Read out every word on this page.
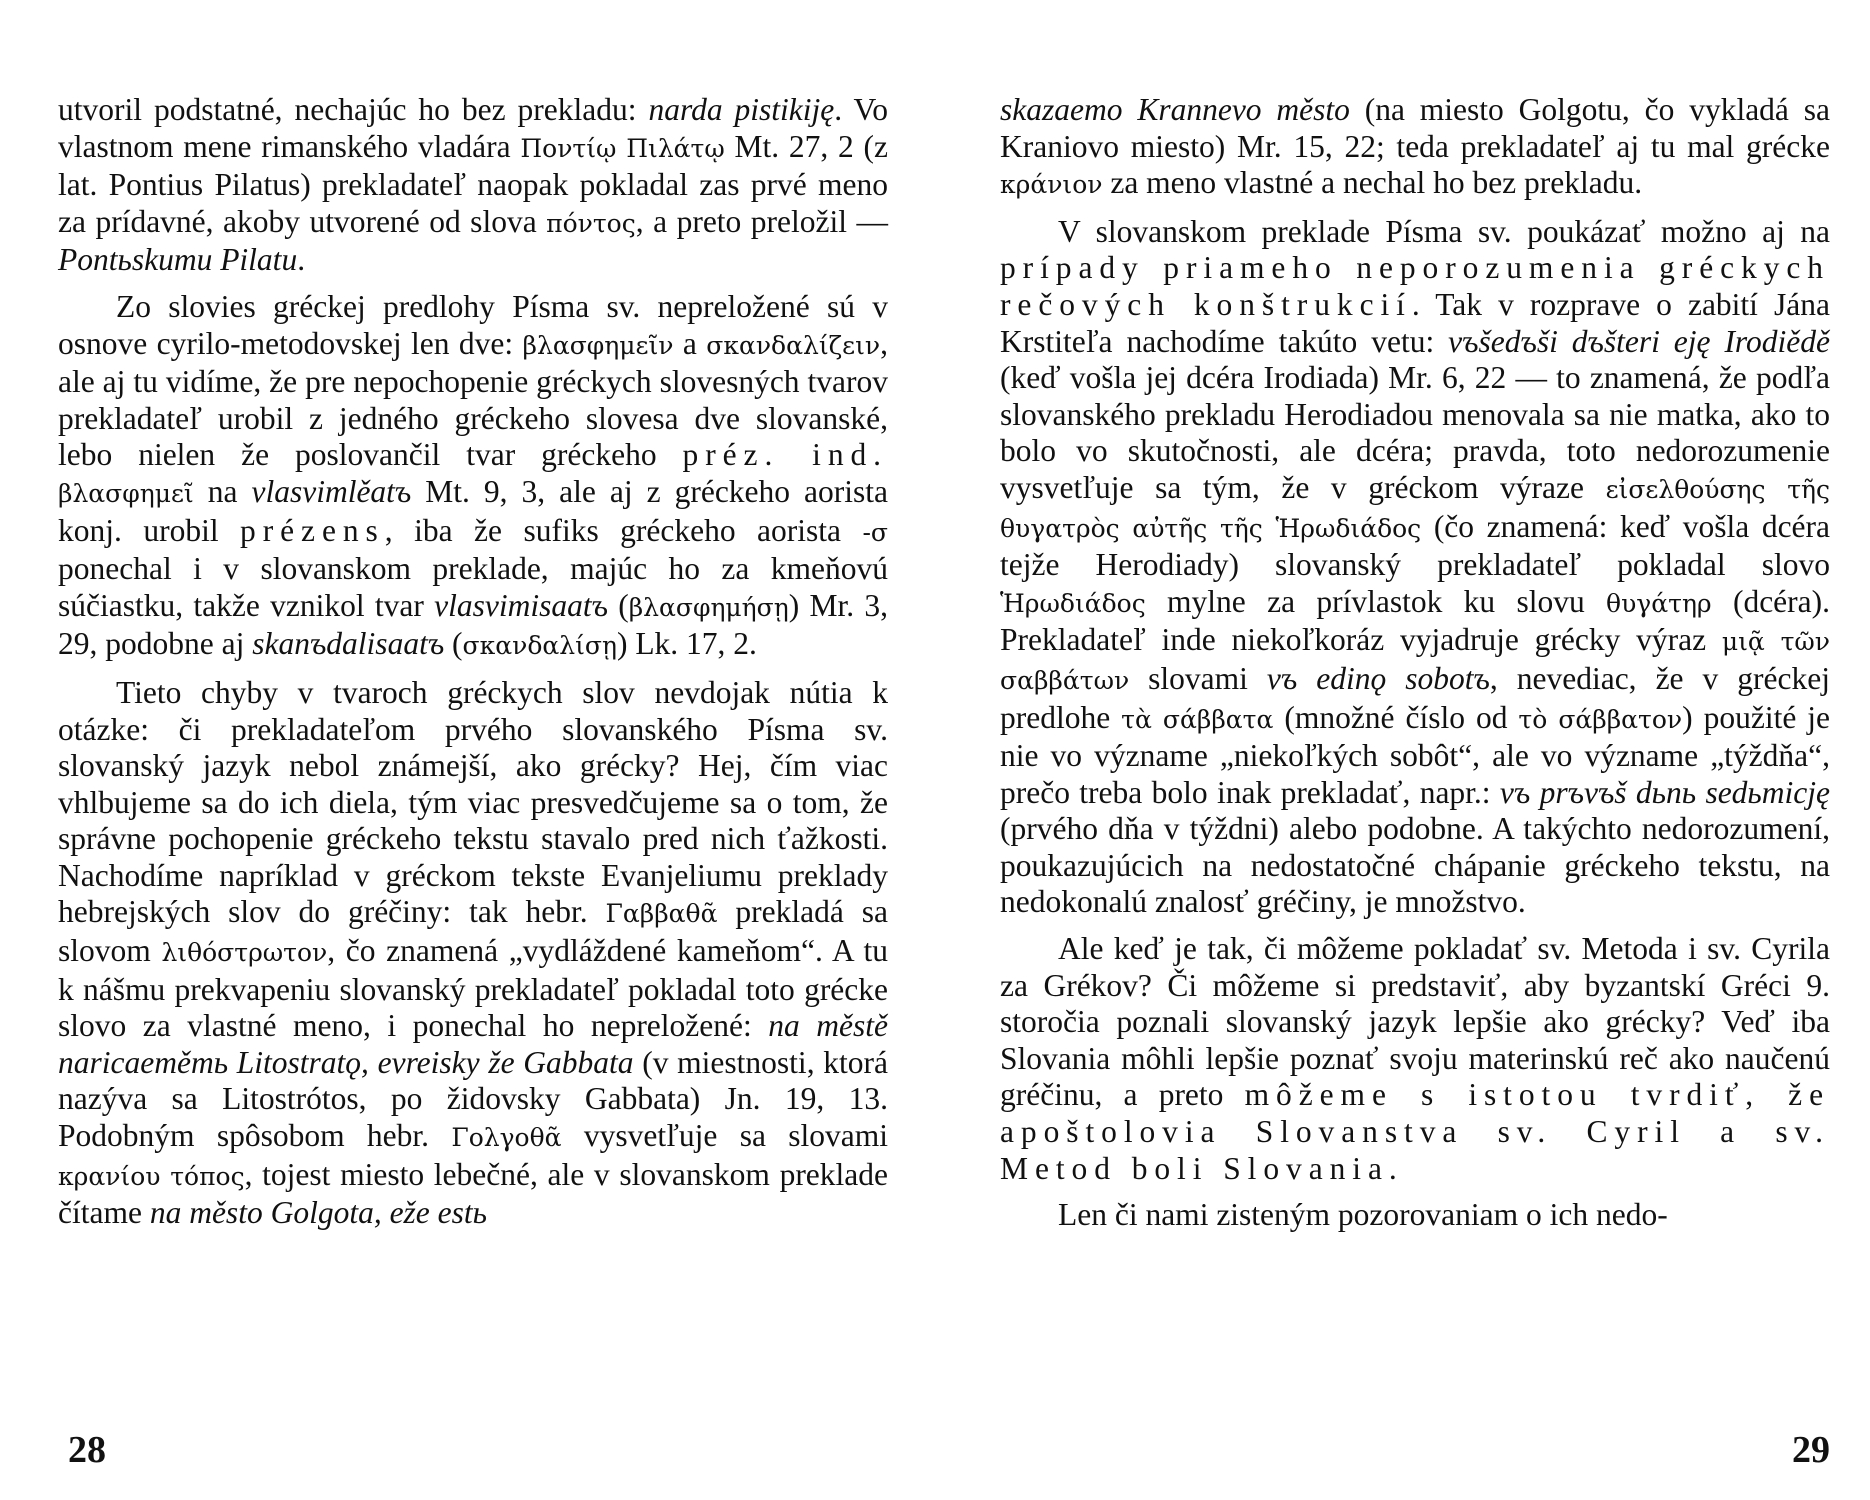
utvoril podstatné, nechajúc ho bez prekladu: narda pistikiję. Vo vlastnom mene rimanského vladára Ποντίῳ Πιλάτῳ Mt. 27, 2 (z lat. Pontius Pilatus) prekladateľ naopak pokladal zas prvé meno za prídavné, akoby utvorené od slova πόντος, a preto preložil — Pontьskumu Pilatu.

Zo slovies gréckej predlohy Písma sv. nepreložené sú v osnove cyrilo-metodovskej len dve: βλασφημεῖν a σκανδαλίζειν, ale aj tu vidíme, že pre nepochopenie gréckych slovesných tvarov prekladateľ urobil z jedného gréckeho slovesa dve slovanské, lebo nielen že poslovančil tvar gréckeho préz. ind. βλασφημεῖ na vlasvimlěatъ Mt. 9, 3, ale aj z gréckeho aorista konj. urobil prézens, iba že sufiks gréckeho aorista -σ ponechal i v slovanskom preklade, majúc ho za kmeňovú súčiastku, takže vznikol tvar vlasvimisaatъ (βλασφημήσῃ) Mr. 3, 29, podobne aj skanъdalisaatъ (σκανδαλίσῃ) Lk. 17, 2.

Tieto chyby v tvaroch gréckych slov nevdojak nútia k otázke: či prekladateľom prvého slovanského Písma sv. slovanský jazyk nebol známejší, ako grécky? Hej, čím viac vhlbujeme sa do ich diela, tým viac presvedčujeme sa o tom, že správne pochopenie gréckeho tekstu stavalo pred nich ťažkosti. Nachodíme napríklad v gréckom tekste Evanjeliumu preklady hebrejských slov do gréčiny: tak hebr. Γαββαθᾶ prekladá sa slovom λιθόστρωτον, čo znamená „vydláždené kameňom“. A tu k nášmu prekvapeniu slovanský prekladateľ pokladal toto grécke slovo za vlastné meno, i ponechal ho nepreložené: na městě naricaeměmь Litostratǫ, evreisky že Gabbata (v miestnosti, ktorá nazýva sa Litostrótos, po židovsky Gabbata) Jn. 19, 13. Podobným spôsobom hebr. Γολγοθᾶ vysvetľuje sa slovami κρανίου τόπος, tojest miesto lebečné, ale v slovanskom preklade čítame na město Golgota, eže estь

28

skazaemo Krannevo město (na miesto Golgotu, čo vykladá sa Kraniovo miesto) Mr. 15, 22; teda prekladateľ aj tu mal grécke κράνιον za meno vlastné a nechal ho bez prekladu.

V slovanskom preklade Písma sv. poukázať možno aj na prípady priameho neporozumenia gréckych rečových konštrukcií. Tak v rozprave o zabití Jána Krstiteľa nachodíme takúto vetu: vъšedъši dъšteri eję Irodiědě (keď vošla jej dcéra Irodiada) Mr. 6, 22 — to znamená, že podľa slovanského prekladu Herodiadou menovala sa nie matka, ako to bolo vo skutočnosti, ale dcéra; pravda, toto nedorozumenie vysvetľuje sa tým, že v gréckom výraze εἰσελθούσης τῆς θυγατρὸς αὐτῆς τῆς Ἡρωδιάδος (čo znamená: keď vošla dcéra tejže Herodiady) slovanský prekladateľ pokladal slovo Ἡρωδιάδος mylne za prívlastok ku slovu θυγάτηρ (dcéra). Prekladateľ inde niekoľkoráz vyjadruje grécky výraz μιᾷ τῶν σαββάτων slovami vъ edinǫ sobotъ, nevediac, že v gréckej predlohe τὰ σάββατα (množné číslo od τὸ σάββατον) použité je nie vo význame „niekoľkých sobôt“, ale vo význame „týždňa“, prečo treba bolo inak prekladať, napr.: vъ prъvъš dьnь sedьmicję (prvého dňa v týždni) alebo podobne. A takýchto nedorozumení, poukazujúcich na nedostatočné chápanie gréckeho tekstu, na nedokonalú znalosť gréčiny, je množstvo.

Ale keď je tak, či môžeme pokladať sv. Metoda i sv. Cyrila za Grékov? Či môžeme si predstaviť, aby byzantskí Gréci 9. storočia poznali slovanský jazyk lepšie ako grécky? Veď iba Slovania môhli lepšie poznať svoju materinskú reč ako naučenú gréčinu, a preto môžeme s istotou tvrdiť, že apoštolovia Slovanstva sv. Cyril a sv. Metod boli Slovania.

Len či nami zisteným pozorovaniam o ich nedo-

29
